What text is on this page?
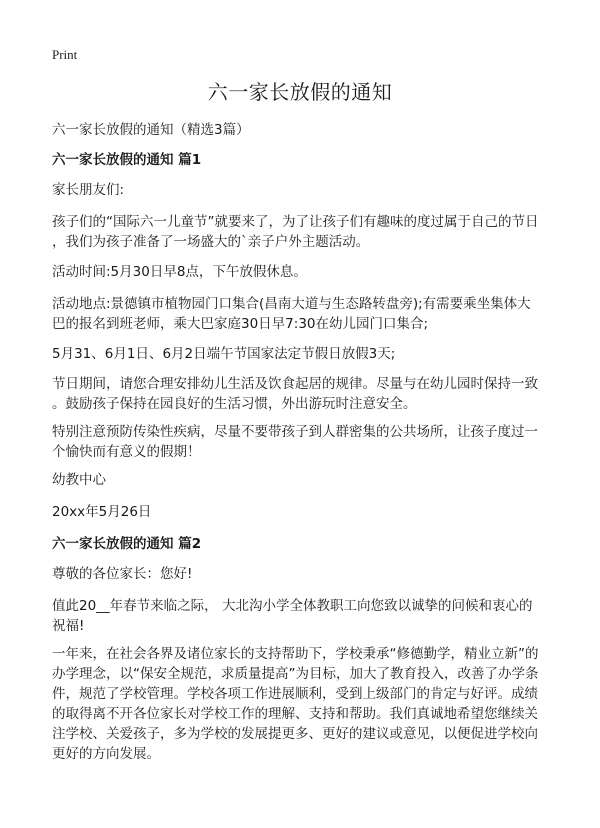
Print
六一家长放假的通知
六一家长放假的通知（精选3篇）
六一家长放假的通知 篇1
家长朋友们:
孩子们的“国际六一儿童节”就要来了，为了让孩子们有趣味的度过属于自己的节日
，我们为孩子准备了一场盛大的`亲子户外主题活动。
活动时间:5月30日早8点，下午放假休息。
活动地点:景德镇市植物园门口集合(昌南大道与生态路转盘旁);有需要乘坐集体大
巴的报名到班老师，乘大巴家庭30日早7:30在幼儿园门口集合;
5月31、6月1日、6月2日端午节国家法定节假日放假3天;
节日期间，请您合理安排幼儿生活及饮食起居的规律。尽量与在幼儿园时保持一致
。鼓励孩子保持在园良好的生活习惯，外出游玩时注意安全。
特别注意预防传染性疾病，尽量不要带孩子到人群密集的公共场所，让孩子度过一
个愉快而有意义的假期！
幼教中心
20xx年5月26日
六一家长放假的通知 篇2
尊敬的各位家长：您好!
值此20__年春节来临之际， 大北沟小学全体教职工向您致以诚挚的问候和衷心的
祝福!
一年来，在社会各界及诸位家长的支持帮助下，学校秉承“修德勤学，精业立新”的
办学理念，以“保安全规范，求质量提高”为目标，加大了教育投入，改善了办学条
件，规范了学校管理。学校各项工作进展顺利，受到上级部门的肯定与好评。成绩
的取得离不开各位家长对学校工作的理解、支持和帮助。我们真诚地希望您继续关
注学校、关爱孩子，多为学校的发展提更多、更好的建议或意见，以便促进学校向
更好的方向发展。
